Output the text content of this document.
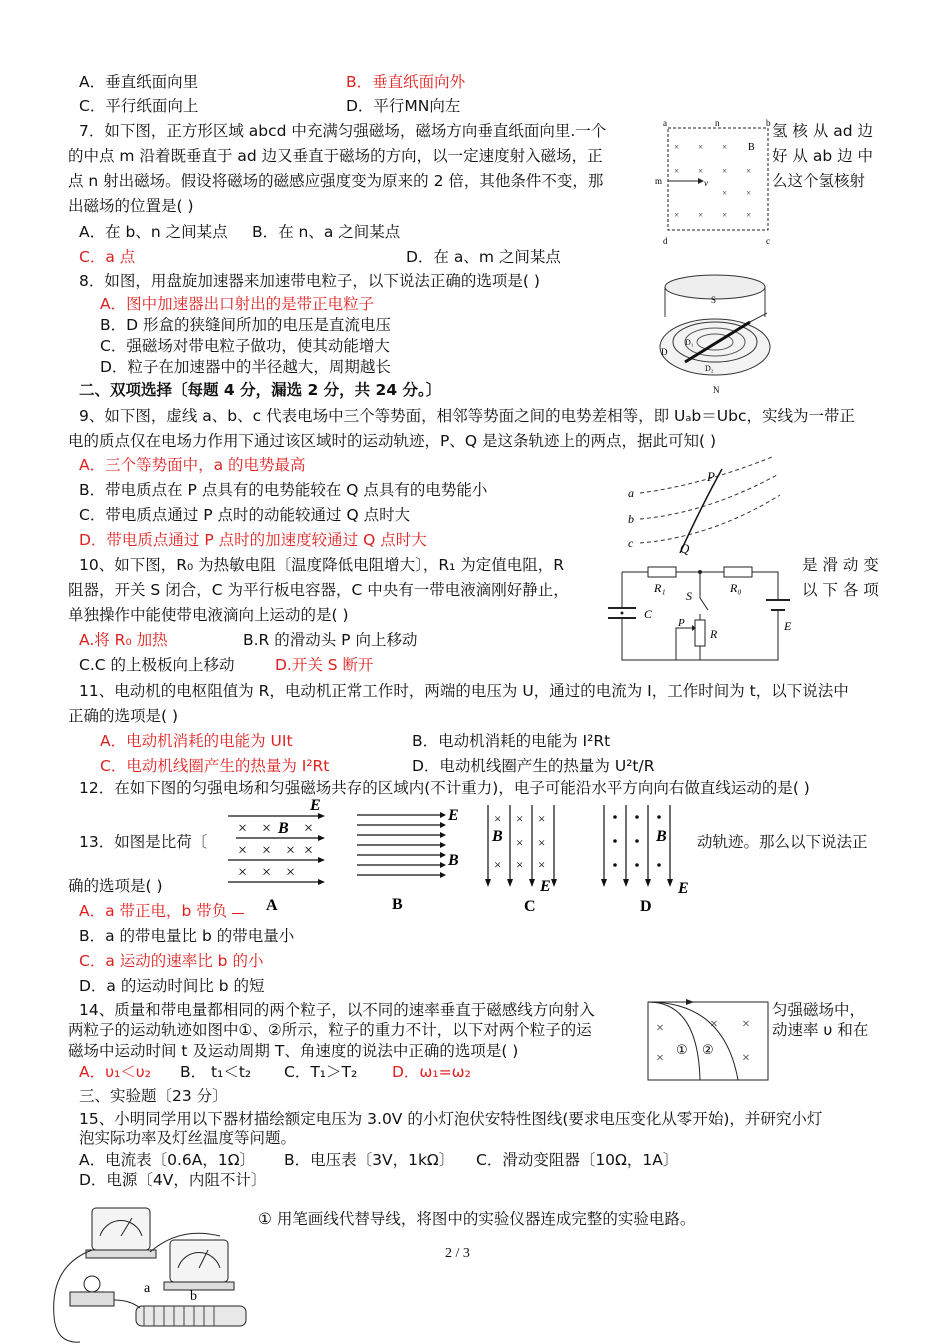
A．垂直纸面向里	B．垂直纸面向外
C．平行纸面向上	D．平行MN向左
7．如下图，正方形区域 abcd 中充满匀强磁场，磁场方向垂直纸面向里.一个	氢 核 从 ad 边
的中点 m 沿着既垂直于 ad 边又垂直于磁场的方向，以一定速度射入磁场，正	好 从 ab 边 中
点 n 射出磁场。假设将磁场的磁感应强度变为原来的 2 倍，其他条件不变，那	么这个氢核射
出磁场的位置是( )
A．在 b、n 之间某点 B．在 n、a 之间某点
C．a 点	D．在 a、m 之间某点
a	n	b
B
m	v
d	c
× × ×
× × × ×
× ×
× × × ×
8．如图，用盘旋加速器来加速带电粒子，以下说法正确的选项是( )
A．图中加速器出口射出的是带正电粒子
B．D 形盒的狭缝间所加的电压是直流电压
C．强磁场对带电粒子做功，使其动能增大
D．粒子在加速器中的半径越大，周期越长
S
D
D₁
D₂
N
二、双项选择〔每题 4 分，漏选 2 分，共 24 分。〕
9、如下图，虚线 a、b、c 代表电场中三个等势面，相邻等势面之间的电势差相等，即 Uₐb＝Ubc，实线为一带正
电的质点仅在电场力作用下通过该区域时的运动轨迹，P、Q 是这条轨迹上的两点，据此可知( )
A．三个等势面中，a 的电势最高
B．带电质点在 P 点具有的电势能较在 Q 点具有的电势能小
C．带电质点通过 P 点时的动能较通过 Q 点时大
D．带电质点通过 P 点时的加速度较通过 Q 点时大
a
b
c
P
Q
10、如下图，R₀ 为热敏电阻〔温度降低电阻增大〕，R₁ 为定值电阻，R	是 滑 动 变
阻器，开关 S 闭合，C 为平行板电容器，C 中央有一带电液滴刚好静止，	以 下 各 项
单独操作中能使带电液滴向上运动的是( )
A.将 R₀ 加热	B.R 的滑动头 P 向上移动
C.C 的上极板向上移动	D.开关 S 断开
R₁	R₀
S
C
P
R
E
11、电动机的电枢阻值为 R，电动机正常工作时，两端的电压为 U，通过的电流为 I，工作时间为 t，以下说法中
正确的选项是( )
A．电动机消耗的电能为 UIt	B．电动机消耗的电能为 I²Rt
C．电动机线圈产生的热量为 I²Rt	D．电动机线圈产生的热量为 U²t/R
12．在如下图的匀强电场和匀强磁场共存的区域内(不计重力)，电子可能沿水平方向向右做直线运动的是( )
E
× × ×
× × × ×
× × ×
B
A
E
B
B
× × ×
× ×
× × ×
B
E
C
B
E
D
13．如图是比荷〔	动轨迹。那么以下说法正
确的选项是( )
A．a 带正电，b 带负
B．a 的带电量比 b 的带电量小
C．a 运动的速率比 b 的小
D．a 的运动时间比 b 的短
14、质量和带电量都相同的两个粒子，以不同的速率垂直于磁感线方向射入	匀强磁场中，
两粒子的运动轨迹如图中①、②所示，粒子的重力不计，以下对两个粒子的运	动速率 υ 和在
磁场中运动时间 t 及运动周期 T、角速度的说法中正确的选项是( )
A．υ₁＜υ₂ B． t₁＜t₂ C．T₁＞T₂ D．ω₁=ω₂
×	× ×
×	×
① ②
三、实验题〔23 分〕
15、小明同学用以下器材描绘额定电压为 3.0V 的小灯泡伏安特性图线(要求电压变化从零开始)，并研究小灯
泡实际功率及灯丝温度等问题。
A．电流表〔0.6A，1Ω〕 B．电压表〔3V，1kΩ〕 C．滑动变阻器〔10Ω，1A〕
D．电源〔4V，内阻不计〕
① 用笔画线代替导线，将图中的实验仪器连成完整的实验电路。
a
b
2 / 3
